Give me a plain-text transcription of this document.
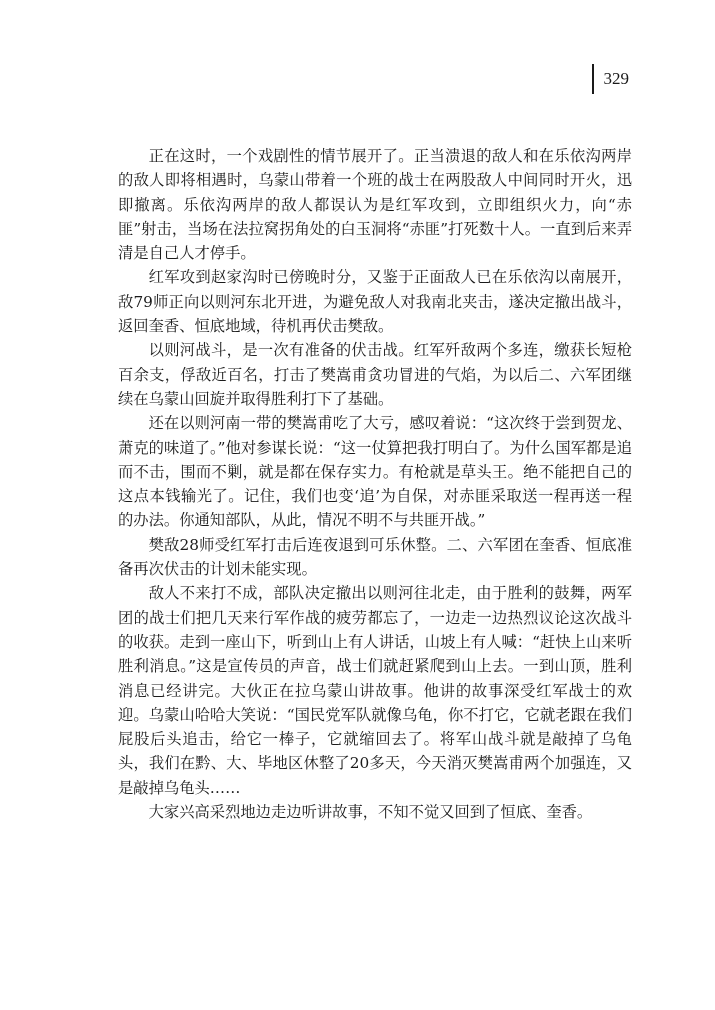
329

正在这时，一个戏剧性的情节展开了。正当溃退的敌人和在乐依沟两岸的敌人即将相遇时，乌蒙山带着一个班的战士在两股敌人中间同时开火，迅即撤离。乐依沟两岸的敌人都误认为是红军攻到，立即组织火力，向“赤匪”射击，当场在法拉窝拐角处的白玉洞将“赤匪”打死数十人。一直到后来弄清是自己人才停手。

红军攻到赵家沟时已傍晚时分，又鉴于正面敌人已在乐依沟以南展开，敌79师正向以则河东北开进，为避免敌人对我南北夹击，遂决定撤出战斗，返回奎香、恒底地域，待机再伏击樊敌。

以则河战斗，是一次有准备的伏击战。红军歼敌两个多连，缴获长短枪百余支，俘敌近百名，打击了樊嵩甫贪功冒进的气焰，为以后二、六军团继续在乌蒙山回旋并取得胜利打下了基础。

还在以则河南一带的樊嵩甫吃了大亏，感叹着说：“这次终于尝到贺龙、萧克的味道了。”他对参谋长说：“这一仗算把我打明白了。为什么国军都是追而不击，围而不剿，就是都在保存实力。有枪就是草头王。绝不能把自己的这点本钱输光了。记住，我们也变‘追’为自保，对赤匪采取送一程再送一程的办法。你通知部队，从此，情况不明不与共匪开战。”

樊敌28师受红军打击后连夜退到可乐休整。二、六军团在奎香、恒底准备再次伏击的计划未能实现。

敌人不来打不成，部队决定撤出以则河往北走，由于胜利的鼓舞，两军团的战士们把几天来行军作战的疲劳都忘了，一边走一边热烈议论这次战斗的收获。走到一座山下，听到山上有人讲话，山坡上有人喊：“赶快上山来听胜利消息。”这是宣传员的声音，战士们就赶紧爬到山上去。一到山顶，胜利消息已经讲完。大伙正在拉乌蒙山讲故事。他讲的故事深受红军战士的欢迎。乌蒙山哈哈大笑说：“国民党军队就像乌龟，你不打它，它就老跟在我们屁股后头追击，给它一棒子，它就缩回去了。将军山战斗就是敲掉了乌龟头，我们在黔、大、毕地区休整了20多天，今天消灭樊嵩甫两个加强连，又是敲掉乌龟头……

大家兴高采烈地边走边听讲故事，不知不觉又回到了恒底、奎香。
